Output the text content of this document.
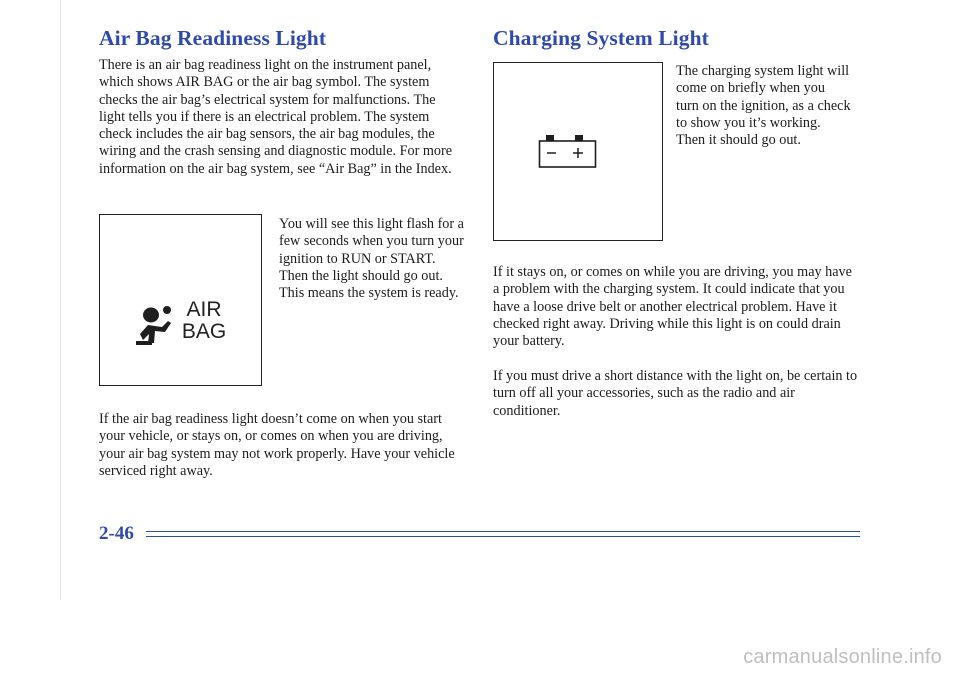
Air Bag Readiness Light

There is an air bag readiness light on the instrument panel, which shows AIR BAG or the air bag symbol. The system checks the air bag’s electrical system for malfunctions. The light tells you if there is an electrical problem. The system check includes the air bag sensors, the air bag modules, the wiring and the crash sensing and diagnostic module. For more information on the air bag system, see “Air Bag” in the Index.

AIR
BAG

You will see this light flash for a few seconds when you turn your ignition to RUN or START. Then the light should go out. This means the system is ready.

If the air bag readiness light doesn’t come on when you start your vehicle, or stays on, or comes on when you are driving, your air bag system may not work properly. Have your vehicle serviced right away.

Charging System Light

The charging system light will come on briefly when you turn on the ignition, as a check to show you it’s working. Then it should go out.

If it stays on, or comes on while you are driving, you may have a problem with the charging system. It could indicate that you have a loose drive belt or another electrical problem. Have it checked right away. Driving while this light is on could drain your battery.

If you must drive a short distance with the light on, be certain to turn off all your accessories, such as the radio and air conditioner.

2-46

carmanualsonline.info
